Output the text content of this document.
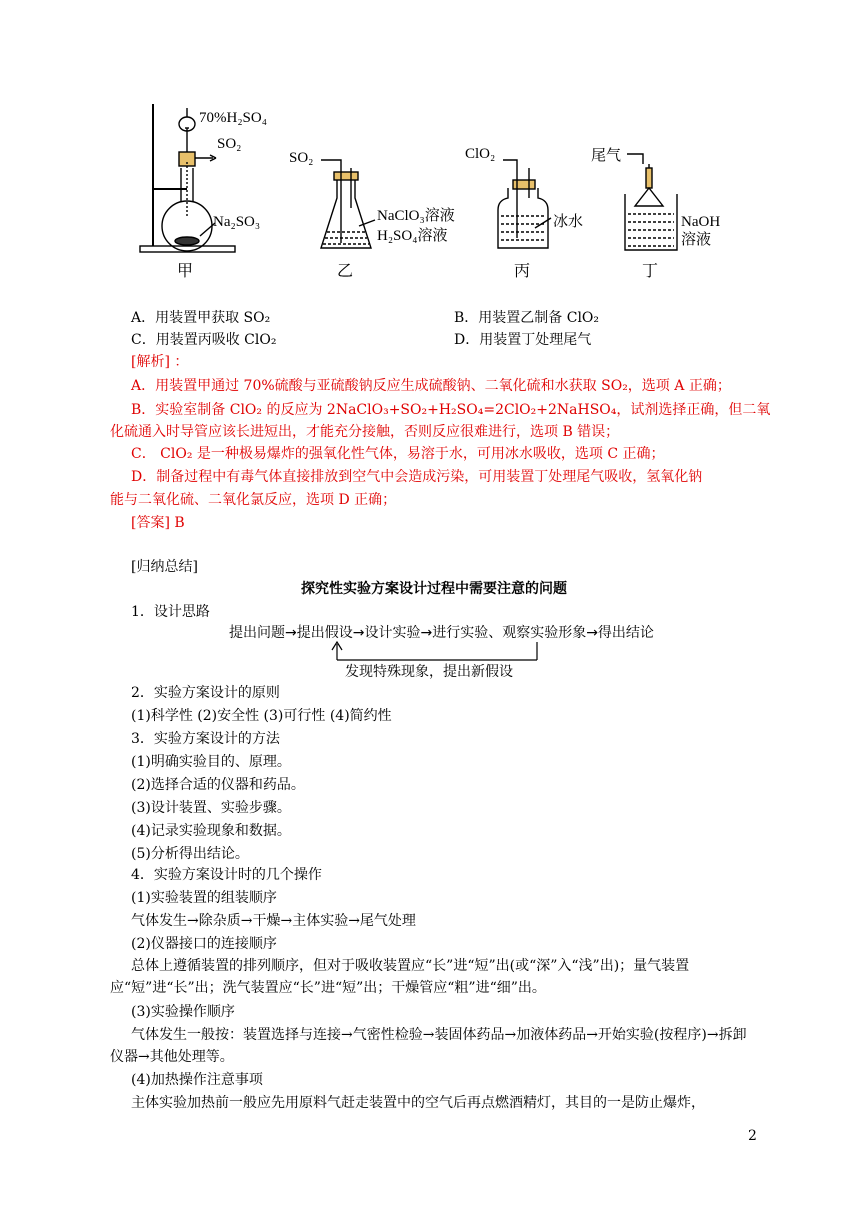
70%H₂SO₄
SO₂
Na₂SO₃
甲
SO₂
NaClO₃溶液
H₂SO₄溶液
乙
ClO₂
冰水
丙
尾气
NaOH
溶液
丁
A．用装置甲获取 SO₂	B．用装置乙制备 ClO₂
C．用装置丙吸收 ClO₂	D．用装置丁处理尾气
[解析] ：
A．用装置甲通过 70%硫酸与亚硫酸钠反应生成硫酸钠、二氧化硫和水获取 SO₂，选项 A 正确；
B．实验室制备 ClO₂ 的反应为 2NaClO₃+SO₂+H₂SO₄=2ClO₂+2NaHSO₄，试剂选择正确，但二氧
化硫通入时导管应该长进短出，才能充分接触，否则反应很难进行，选项 B 错误；
C． ClO₂ 是一种极易爆炸的强氧化性气体，易溶于水，可用冰水吸收，选项 C 正确；
D．制备过程中有毒气体直接排放到空气中会造成污染，可用装置丁处理尾气吸收，氢氧化钠
能与二氧化硫、二氧化氯反应，选项 D 正确；
[答案] B
[归纳总结]
探究性实验方案设计过程中需要注意的问题
1．设计思路
提出问题→提出假设→设计实验→进行实验、观察实验形象→得出结论
发现特殊现象，提出新假设
2．实验方案设计的原则
(1)科学性 (2)安全性 (3)可行性 (4)简约性
3．实验方案设计的方法
(1)明确实验目的、原理。
(2)选择合适的仪器和药品。
(3)设计装置、实验步骤。
(4)记录实验现象和数据。
(5)分析得出结论。
4．实验方案设计时的几个操作
(1)实验装置的组装顺序
气体发生→除杂质→干燥→主体实验→尾气处理
(2)仪器接口的连接顺序
总体上遵循装置的排列顺序，但对于吸收装置应“长”进“短”出(或“深”入“浅”出)；量气装置应“短”进“长”出；洗气装置应“长”进“短”出；干燥管应“粗”进“细”出。
(3)实验操作顺序
气体发生一般按：装置选择与连接→气密性检验→装固体药品→加液体药品→开始实验(按程序)→拆卸仪器→其他处理等。
(4)加热操作注意事项
主体实验加热前一般应先用原料气赶走装置中的空气后再点燃酒精灯，其目的一是防止爆炸，
2
